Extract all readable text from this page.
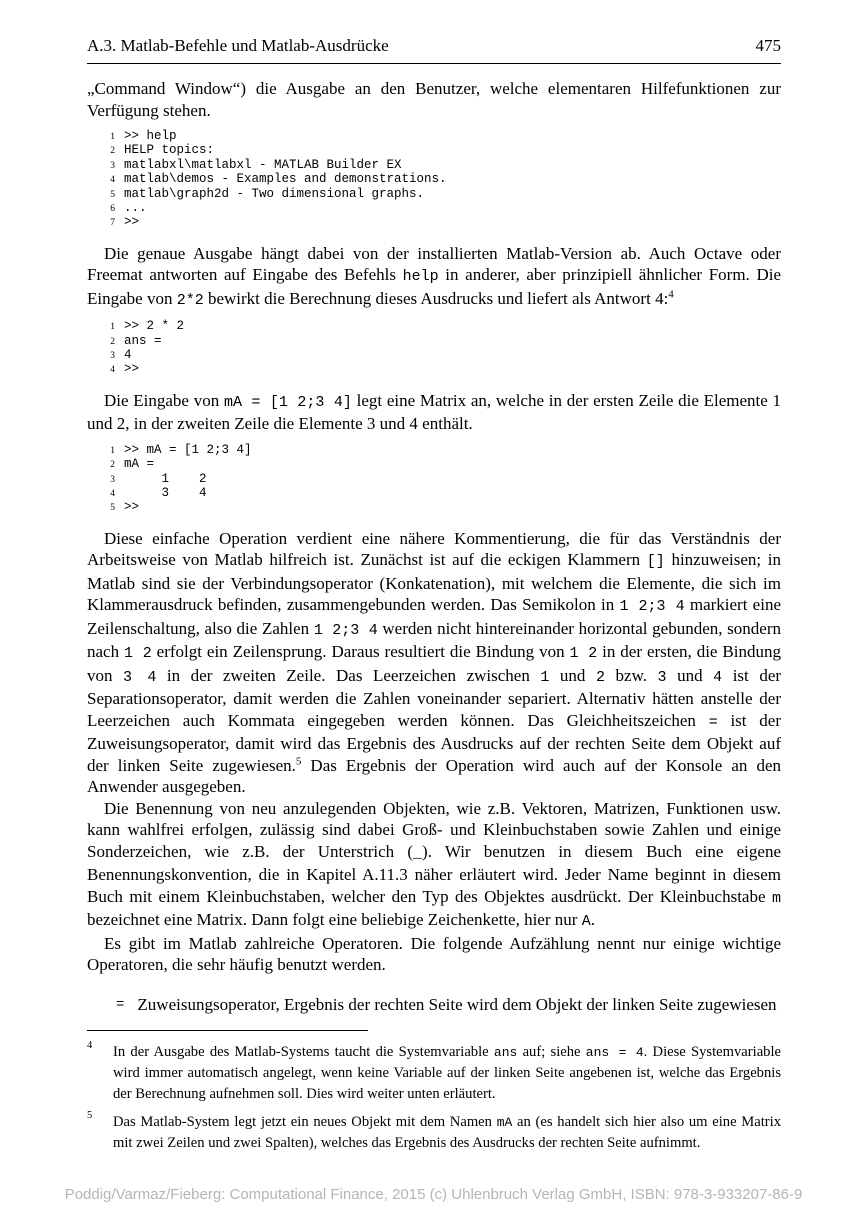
A.3. Matlab-Befehle und Matlab-Ausdrücke	475

„Command Window“) die Ausgabe an den Benutzer, welche elementaren Hilfefunktionen zur Verfügung stehen.

1 >> help
2 HELP topics:
3 matlabxl\matlabxl - MATLAB Builder EX
4 matlab\demos - Examples and demonstrations.
5 matlab\graph2d - Two dimensional graphs.
6 ...
7 >>

Die genaue Ausgabe hängt dabei von der installierten Matlab-Version ab. Auch Octave oder Freemat antworten auf Eingabe des Befehls help in anderer, aber prinzipiell ähnlicher Form. Die Eingabe von 2*2 bewirkt die Berechnung dieses Ausdrucks und liefert als Antwort 4:$^4$

1 >> 2 * 2
2 ans =
3 4
4 >>

Die Eingabe von mA = [1 2;3 4] legt eine Matrix an, welche in der ersten Zeile die Elemente 1 und 2, in der zweiten Zeile die Elemente 3 und 4 enthält.

1 >> mA = [1 2;3 4]
2 mA =
3 1    2
4 3    4
5 >>

Diese einfache Operation verdient eine nähere Kommentierung, die für das Verständnis der Arbeitsweise von Matlab hilfreich ist. Zunächst ist auf die eckigen Klammern [] hinzuweisen; in Matlab sind sie der Verbindungsoperator (Konkatenation), mit welchem die Elemente, die sich im Klammerausdruck befinden, zusammengebunden werden. Das Semikolon in 1 2;3 4 markiert eine Zeilenschaltung, also die Zahlen 1 2;3 4 werden nicht hintereinander horizontal gebunden, sondern nach 1 2 erfolgt ein Zeilensprung. Daraus resultiert die Bindung von 1 2 in der ersten, die Bindung von 3 4 in der zweiten Zeile. Das Leerzeichen zwischen 1 und 2 bzw. 3 und 4 ist der Separationsoperator, damit werden die Zahlen voneinander separiert. Alternativ hätten anstelle der Leerzeichen auch Kommata eingegeben werden können. Das Gleichheitszeichen = ist der Zuweisungsoperator, damit wird das Ergebnis des Ausdrucks auf der rechten Seite dem Objekt auf der linken Seite zugewiesen.$^5$ Das Ergebnis der Operation wird auch auf der Konsole an den Anwender ausgegeben.

Die Benennung von neu anzulegenden Objekten, wie z.B. Vektoren, Matrizen, Funktionen usw. kann wahlfrei erfolgen, zulässig sind dabei Groß- und Kleinbuchstaben sowie Zahlen und einige Sonderzeichen, wie z.B. der Unterstrich (_). Wir benutzen in diesem Buch eine eigene Benennungskonvention, die in Kapitel A.11.3 näher erläutert wird. Jeder Name beginnt in diesem Buch mit einem Kleinbuchstaben, welcher den Typ des Objektes ausdrückt. Der Kleinbuchstabe m bezeichnet eine Matrix. Dann folgt eine beliebige Zeichenkette, hier nur A.

Es gibt im Matlab zahlreiche Operatoren. Die folgende Aufzählung nennt nur einige wichtige Operatoren, die sehr häufig benutzt werden.

= Zuweisungsoperator, Ergebnis der rechten Seite wird dem Objekt der linken Seite zugewiesen
4	In der Ausgabe des Matlab-Systems taucht die Systemvariable ans auf; siehe ans = 4. Diese Systemvariable wird immer automatisch angelegt, wenn keine Variable auf der linken Seite angebenen ist, welche das Ergebnis der Berechnung aufnehmen soll. Dies wird weiter unten erläutert.
5	Das Matlab-System legt jetzt ein neues Objekt mit dem Namen mA an (es handelt sich hier also um eine Matrix mit zwei Zeilen und zwei Spalten), welches das Ergebnis des Ausdrucks der rechten Seite aufnimmt.
Poddig/Varmaz/Fieberg: Computational Finance, 2015 (c) Uhlenbruch Verlag GmbH, ISBN: 978-3-933207-86-9
